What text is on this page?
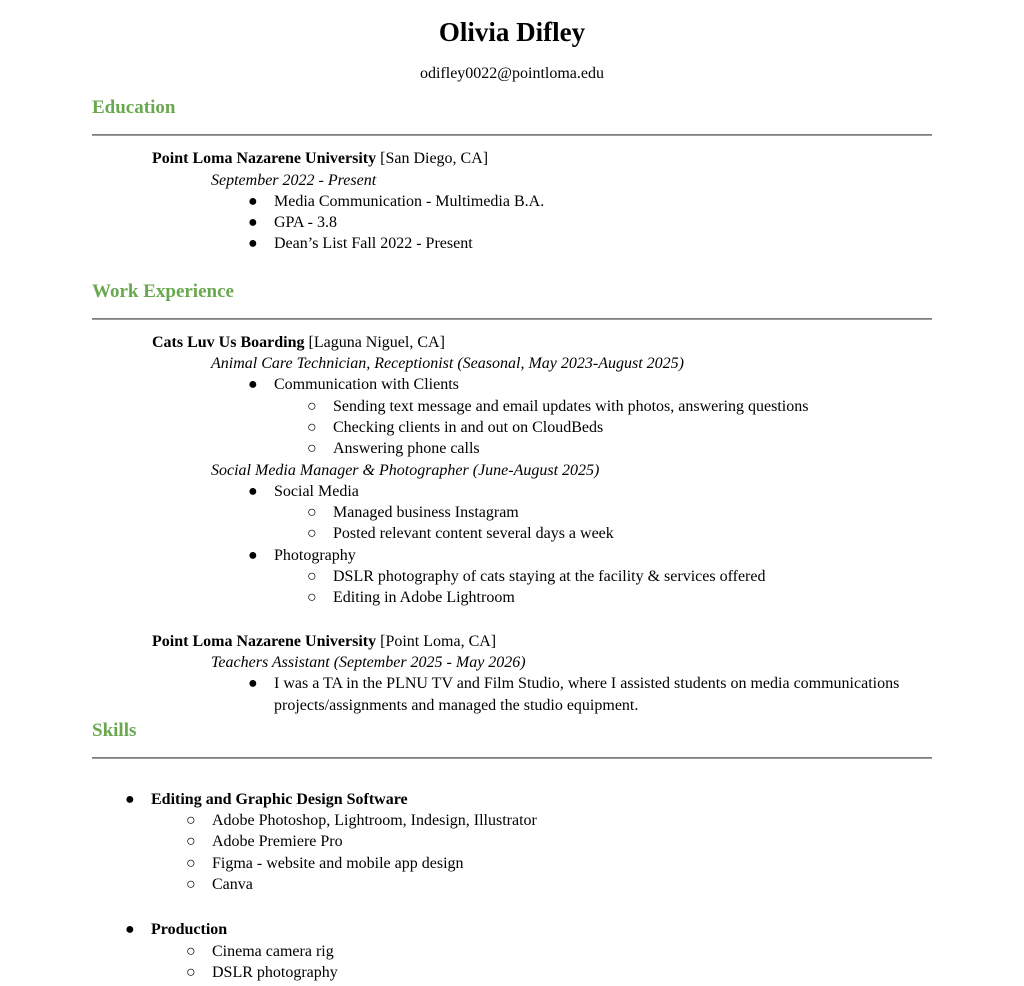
Olivia Difley
odifley0022@pointloma.edu
Education
Point Loma Nazarene University [San Diego, CA]
September 2022 - Present
●	Media Communication - Multimedia B.A.
●	GPA - 3.8
●	Dean’s List Fall 2022 - Present
Work Experience
Cats Luv Us Boarding [Laguna Niguel, CA]
Animal Care Technician, Receptionist (Seasonal, May 2023-August 2025)
●	Communication with Clients
○	Sending text message and email updates with photos, answering questions
○	Checking clients in and out on CloudBeds
○	Answering phone calls
Social Media Manager & Photographer (June-August 2025)
●	Social Media
○	Managed business Instagram
○	Posted relevant content several days a week
●	Photography
○	DSLR photography of cats staying at the facility & services offered
○	Editing in Adobe Lightroom
Point Loma Nazarene University [Point Loma, CA]
Teachers Assistant (September 2025 - May 2026)
●	I was a TA in the PLNU TV and Film Studio, where I assisted students on media communications projects/assignments and managed the studio equipment.
Skills
●	Editing and Graphic Design Software
○	Adobe Photoshop, Lightroom, Indesign, Illustrator
○	Adobe Premiere Pro
○	Figma - website and mobile app design
○	Canva
●	Production
○	Cinema camera rig
○	DSLR photography
